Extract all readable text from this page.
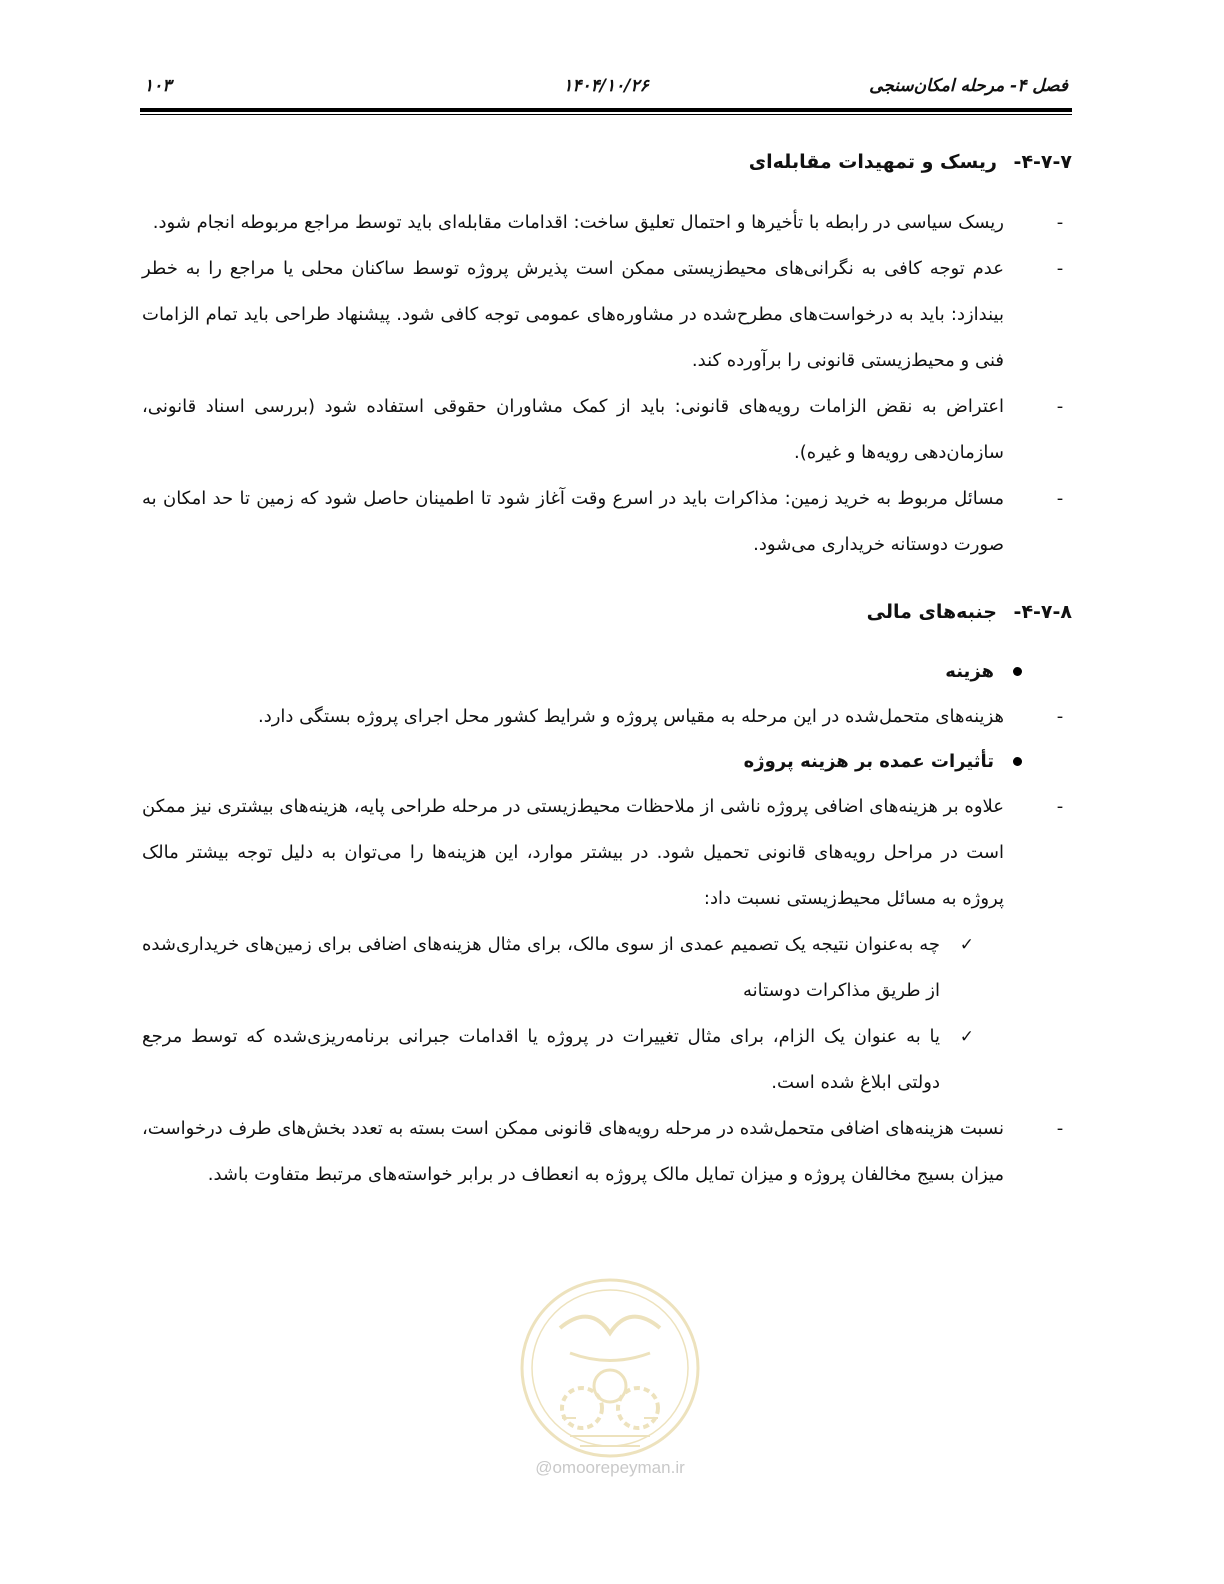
فصل ۴- مرحله امکان‌سنجی
۱۴۰۴/۱۰/۲۶
۱۰۳
۴-۷-۷- ریسک و تمهیدات مقابله‌ای
-
ریسک سیاسی در رابطه با تأخیرها و احتمال تعلیق ساخت: اقدامات مقابله‌ای باید توسط مراجع مربوطه انجام شود.
-
عدم توجه کافی به نگرانی‌های محیط‌زیستی ممکن است پذیرش پروژه توسط ساکنان محلی یا مراجع را به خطر بیندازد: باید به درخواست‌های مطرح‌شده در مشاوره‌های عمومی توجه کافی شود. پیشنهاد طراحی باید تمام الزامات فنی و محیط‌زیستی قانونی را برآورده کند.
-
اعتراض به نقض الزامات رویه‌های قانونی: باید از کمک مشاوران حقوقی استفاده شود (بررسی اسناد قانونی، سازمان‌دهی رویه‌ها و غیره).
-
مسائل مربوط به خرید زمین: مذاکرات باید در اسرع وقت آغاز شود تا اطمینان حاصل شود که زمین تا حد امکان به صورت دوستانه خریداری می‌شود.
۴-۷-۸- جنبه‌های مالی
هزینه
-
هزینه‌های متحمل‌شده در این مرحله به مقیاس پروژه و شرایط کشور محل اجرای پروژه بستگی دارد.
تأثیرات عمده بر هزینه پروژه
-
علاوه بر هزینه‌های اضافی پروژه ناشی از ملاحظات محیط‌زیستی در مرحله طراحی پایه، هزینه‌های بیشتری نیز ممکن است در مراحل رویه‌های قانونی تحمیل شود. در بیشتر موارد، این هزینه‌ها را می‌توان به دلیل توجه بیشتر مالک پروژه به مسائل محیط‌زیستی نسبت داد:
✓
چه به‌عنوان نتیجه یک تصمیم عمدی از سوی مالک، برای مثال هزینه‌های اضافی برای زمین‌های خریداری‌شده از طریق مذاکرات دوستانه
✓
یا به عنوان یک الزام، برای مثال تغییرات در پروژه یا اقدامات جبرانی برنامه‌ریزی‌شده که توسط مرجع دولتی ابلاغ شده است.
-
نسبت هزینه‌های اضافی متحمل‌شده در مرحله رویه‌های قانونی ممکن است بسته به تعدد بخش‌های طرف درخواست، میزان بسیج مخالفان پروژه و میزان تمایل مالک پروژه به انعطاف در برابر خواسته‌های مرتبط متفاوت باشد.
@omoorepeyman.ir
